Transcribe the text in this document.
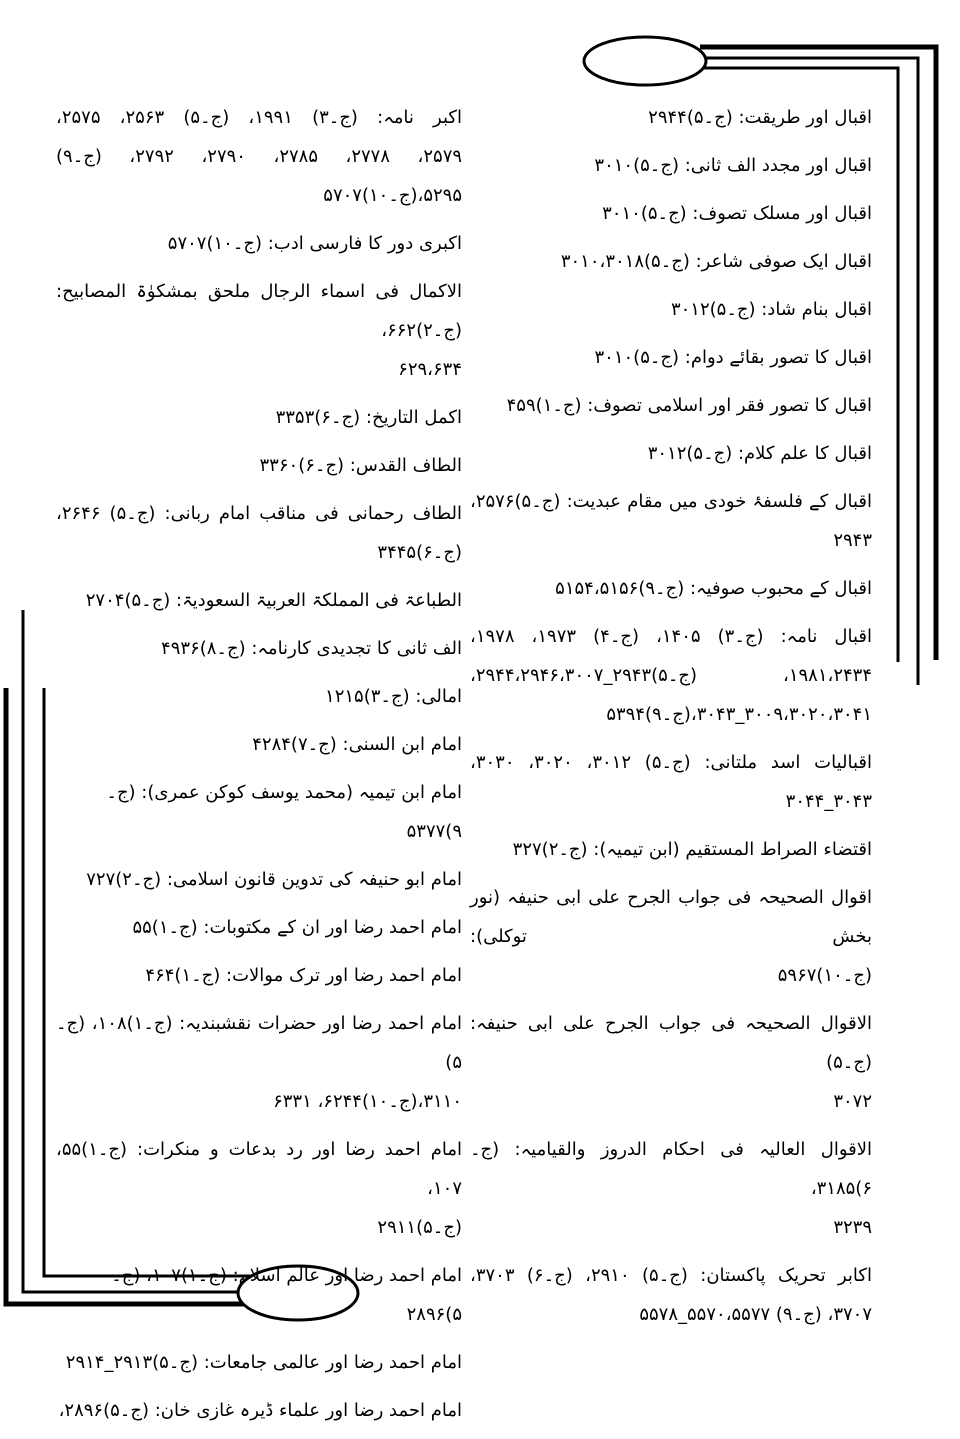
اقبال اور طریقت: (ج۔۵)۲۹۴۴
اقبال اور مجدد الف ثانی: (ج۔۵)۳۰۱۰
اقبال اور مسلک تصوف: (ج۔۵)۳۰۱۰
اقبال ایک صوفی شاعر: (ج۔۵)۳۰۱۰،۳۰۱۸
اقبال بنام شاد: (ج۔۵)۳۰۱۲
اقبال کا تصور بقائے دوام: (ج۔۵)۳۰۱۰
اقبال کا تصور فقر اور اسلامی تصوف: (ج۔۱)۴۵۹
اقبال کا علم کلام: (ج۔۵)۳۰۱۲
اقبال کے فلسفۂ خودی میں مقام عبدیت: (ج۔۵)۲۵۷۶،
۲۹۴۳
اقبال کے محبوب صوفیہ: (ج۔۹)۵۱۵۴،۵۱۵۶
اقبال نامہ: (ج۔۳) ۱۴۰۵، (ج۔۴) ۱۹۷۳، ۱۹۷۸،
۱۹۸۱،۲۴۳۴، (ج۔۵)۲۹۴۳_۲۹۴۴،۲۹۴۶،۳۰۰۷،
۳۰۰۹،۳۰۲۰،۳۰۴۱_۳۰۴۳،(ج۔۹)۵۳۹۴
اقبالیات اسد ملتانی: (ج۔۵) ۳۰۱۲، ۳۰۲۰، ۳۰۳۰،
۳۰۴۳_۳۰۴۴
اقتضاء الصراط المستقیم (ابن تیمیہ): (ج۔۲)۳۲۷
اقوال الصحیحہ فی جواب الجرح علی ابی حنیفہ (نور بخش توکلی):
(ج۔۱۰)۵۹۶۷
الاقوال الصحیحہ فی جواب الجرح علی ابی حنیفہ: (ج۔۵)
۳۰۷۲
الاقوال العالیہ فی احکام الدروز والقیامیہ: (ج۔۶)۳۱۸۵،
۳۲۳۹
اکابر تحریک پاکستان: (ج۔۵) ۲۹۱۰، (ج۔۶) ۳۷۰۳،
۳۷۰۷، (ج۔۹) ۵۵۷۰،۵۵۷۷_۵۵۷۸
اکبر نامہ: (ج۔۳) ۱۹۹۱، (ج۔۵) ۲۵۶۳، ۲۵۷۵،
۲۵۷۹، ۲۷۷۸، ۲۷۸۵، ۲۷۹۰، ۲۷۹۲، (ج۔۹)
۵۲۹۵،(ج۔۱۰)۵۷۰۷
اکبری دور کا فارسی ادب: (ج۔۱۰)۵۷۰۷
الاکمال فی اسماء الرجال ملحق بمشکوٰۃ المصابیح: (ج۔۲)۶۶۲،
۶۲۹،۶۳۴
اکمل التاریخ: (ج۔۶)۳۳۵۳
الطاف القدس: (ج۔۶)۳۳۶۰
الطاف رحمانی فی مناقب امام ربانی: (ج۔۵) ۲۶۴۶،
(ج۔۶)۳۴۴۵
الطباعۃ فی المملکۃ العربیۃ السعودیۃ: (ج۔۵)۲۷۰۴
الف ثانی کا تجدیدی کارنامہ: (ج۔۸)۴۹۳۶
امالی: (ج۔۳)۱۲۱۵
امام ابن السنی: (ج۔۷)۴۲۸۴
امام ابن تیمیہ (محمد یوسف کوکن عمری): (ج۔۹)۵۳۷۷
امام ابو حنیفہ کی تدوین قانون اسلامی: (ج۔۲)۷۲۷
امام احمد رضا اور ان کے مکتوبات: (ج۔۱)۵۵
امام احمد رضا اور ترک موالات: (ج۔۱)۴۶۴
امام احمد رضا اور حضرات نقشبندیہ: (ج۔۱)۱۰۸، (ج۔۵)
۳۱۱۰،(ج۔۱۰)۶۲۴۴، ۶۳۳۱
امام احمد رضا اور رد بدعات و منکرات: (ج۔۱)۵۵، ۱۰۷،
(ج۔۵)۲۹۱۱
امام احمد رضا اور عالم اسلام: (ج۔۱)۱۰۷، (ج۔۵)۲۸۹۶
امام احمد رضا اور عالمی جامعات: (ج۔۵)۲۹۱۳_۲۹۱۴
امام احمد رضا اور علماء ڈیرہ غازی خان: (ج۔۵)۲۸۹۶،
